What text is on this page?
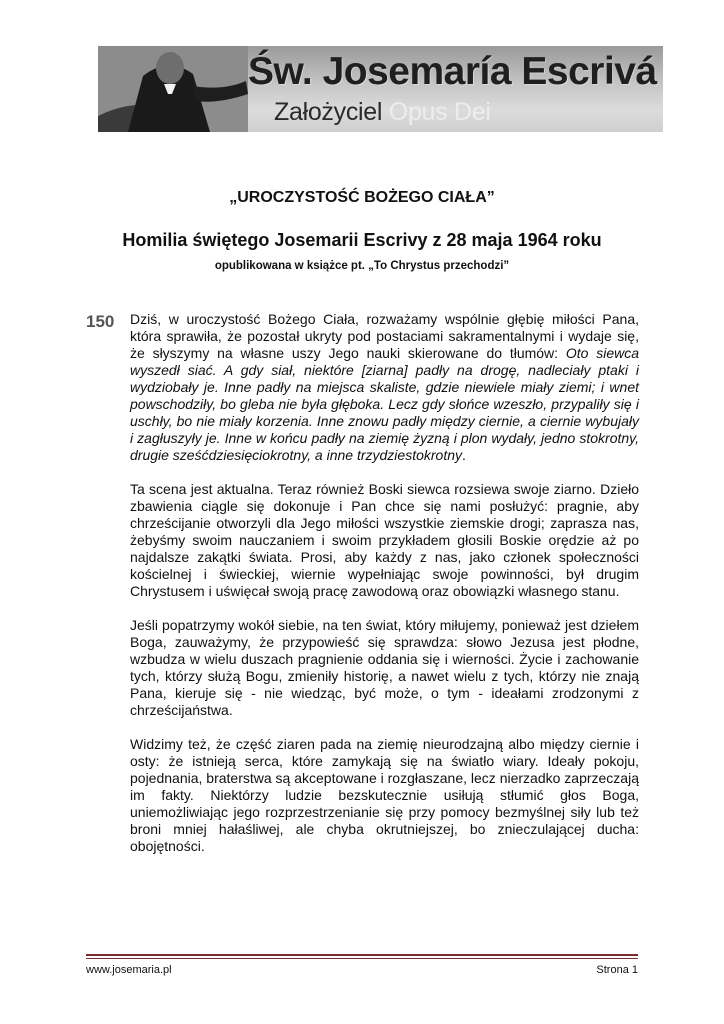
Św. Josemaría Escrivá
Założyciel Opus Dei
„UROCZYSTOŚĆ BOŻEGO CIAŁA”
Homilia świętego Josemarii Escrivy z 28 maja 1964 roku
opublikowana w książce pt. „To Chrystus przechodzi”
150 Dziś, w uroczystość Bożego Ciała, rozważamy wspólnie głębię miłości Pana, która sprawiła, że pozostał ukryty pod postaciami sakramentalnymi i wydaje się, że słyszymy na własne uszy Jego nauki skierowane do tłumów: Oto siewca wyszedł siać. A gdy siał, niektóre [ziarna] padły na drogę, nadleciały ptaki i wydziobały je. Inne padły na miejsca skaliste, gdzie niewiele miały ziemi; i wnet powschodziły, bo gleba nie była głęboka. Lecz gdy słońce wzeszło, przypaliły się i uschły, bo nie miały korzenia. Inne znowu padły między ciernie, a ciernie wybujały i zagłuszyły je. Inne w końcu padły na ziemię żyzną i plon wydały, jedno stokrotny, drugie sześćdziesięciokrotny, a inne trzydziestokrotny.

Ta scena jest aktualna. Teraz również Boski siewca rozsiewa swoje ziarno. Dzieło zbawienia ciągle się dokonuje i Pan chce się nami posłużyć: pragnie, aby chrześcijanie otworzyli dla Jego miłości wszystkie ziemskie drogi; zaprasza nas, żebyśmy swoim nauczaniem i swoim przykładem głosili Boskie orędzie aż po najdalsze zakątki świata. Prosi, aby każdy z nas, jako członek społeczności kościelnej i świeckiej, wiernie wypełniając swoje powinności, był drugim Chrystusem i uświęcał swoją pracę zawodową oraz obowiązki własnego stanu.

Jeśli popatrzymy wokół siebie, na ten świat, który miłujemy, ponieważ jest dziełem Boga, zauważymy, że przypowieść się sprawdza: słowo Jezusa jest płodne, wzbudza w wielu duszach pragnienie oddania się i wierności. Życie i zachowanie tych, którzy służą Bogu, zmieniły historię, a nawet wielu z tych, którzy nie znają Pana, kieruje się - nie wiedząc, być może, o tym - ideałami zrodzonymi z chrześcijaństwa.

Widzimy też, że część ziaren pada na ziemię nieurodzajną albo między ciernie i osty: że istnieją serca, które zamykają się na światło wiary. Ideały pokoju, pojednania, braterstwa są akceptowane i rozgłaszane, lecz nierzadko zaprzeczają im fakty. Niektórzy ludzie bezskutecznie usiłują stłumić głos Boga, uniemożliwiając jego rozprzestrzenianie się przy pomocy bezmyślnej siły lub też broni mniej hałaśliwej, ale chyba okrutniejszej, bo znieczulającej ducha: obojętności.

www.josemaria.pl	Strona 1
